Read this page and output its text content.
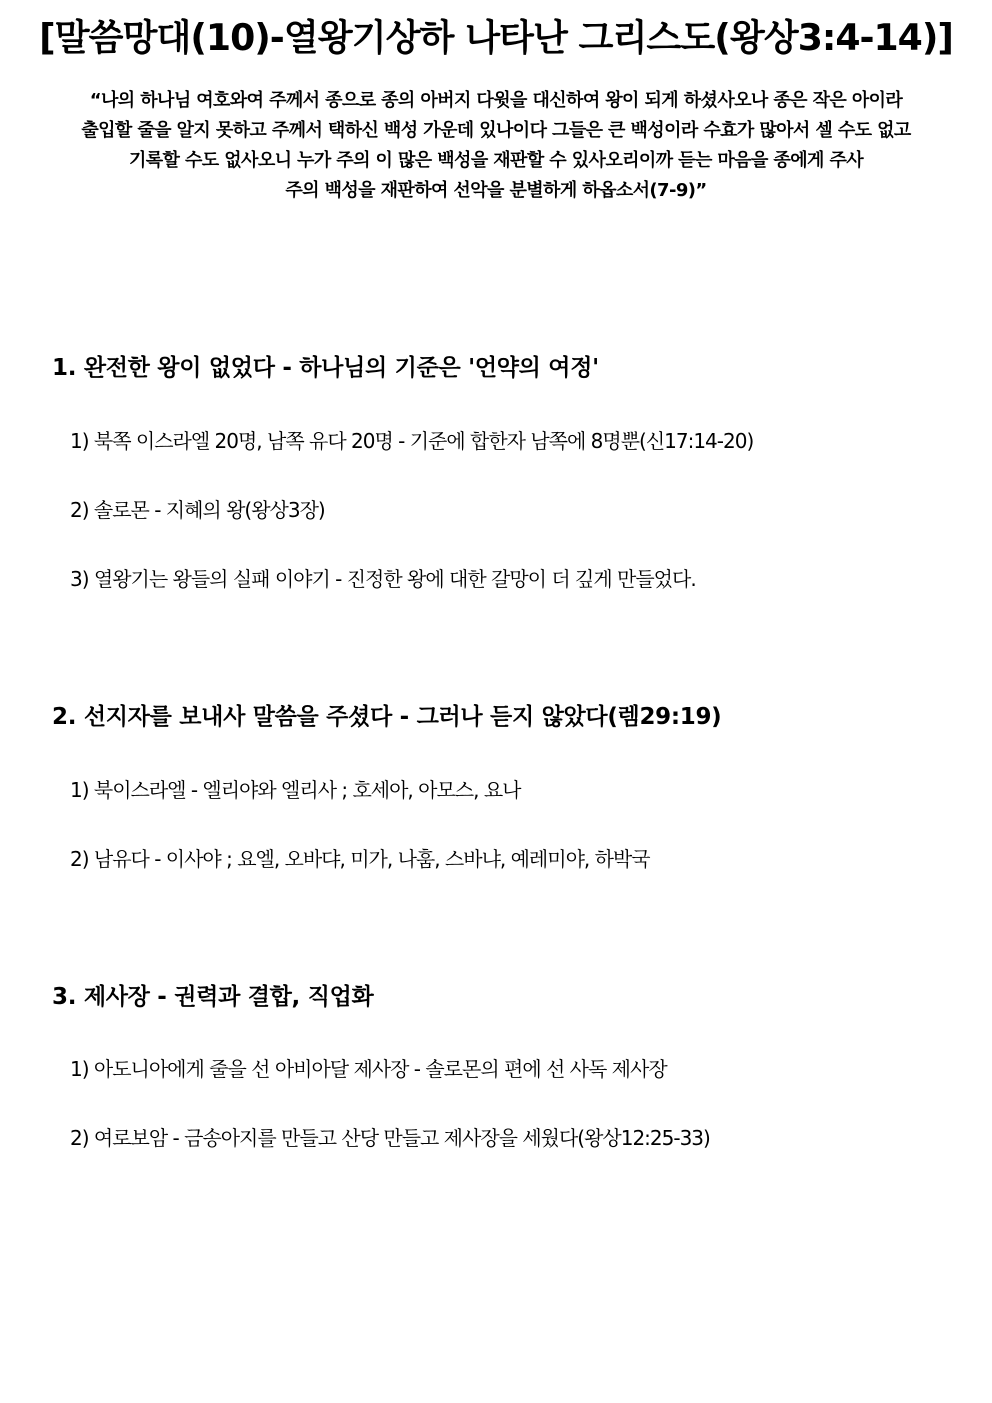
[말씀망대(10)-열왕기상하 나타난 그리스도(왕상3:4-14)]
“나의 하나님 여호와여 주께서 종으로 종의 아버지 다윗을 대신하여 왕이 되게 하셨사오나 종은 작은 아이라
출입할 줄을 알지 못하고 주께서 택하신 백성 가운데 있나이다 그들은 큰 백성이라 수효가 많아서 셀 수도 없고
기록할 수도 없사오니 누가 주의 이 많은 백성을 재판할 수 있사오리이까 듣는 마음을 종에게 주사
주의 백성을 재판하여 선악을 분별하게 하옵소서(7-9)”
1. 완전한 왕이 없었다 - 하나님의 기준은 '언약의 여정'
1) 북쪽 이스라엘 20명, 남쪽 유다 20명 - 기준에 합한자 남쪽에 8명뿐(신17:14-20)
2) 솔로몬 - 지혜의 왕(왕상3장)
3) 열왕기는 왕들의 실패 이야기 - 진정한 왕에 대한 갈망이 더 깊게 만들었다.
2. 선지자를 보내사 말씀을 주셨다 - 그러나 듣지 않았다(렘29:19)
1) 북이스라엘 - 엘리야와 엘리사 ; 호세아, 아모스, 요나
2) 남유다 - 이사야 ; 요엘, 오바댜, 미가, 나훔, 스바냐, 예레미야, 하박국
3. 제사장 - 권력과 결합, 직업화
1) 아도니아에게 줄을 선 아비아달 제사장 - 솔로몬의 편에 선 사독 제사장
2) 여로보암 - 금송아지를 만들고 산당 만들고 제사장을 세웠다(왕상12:25-33)
